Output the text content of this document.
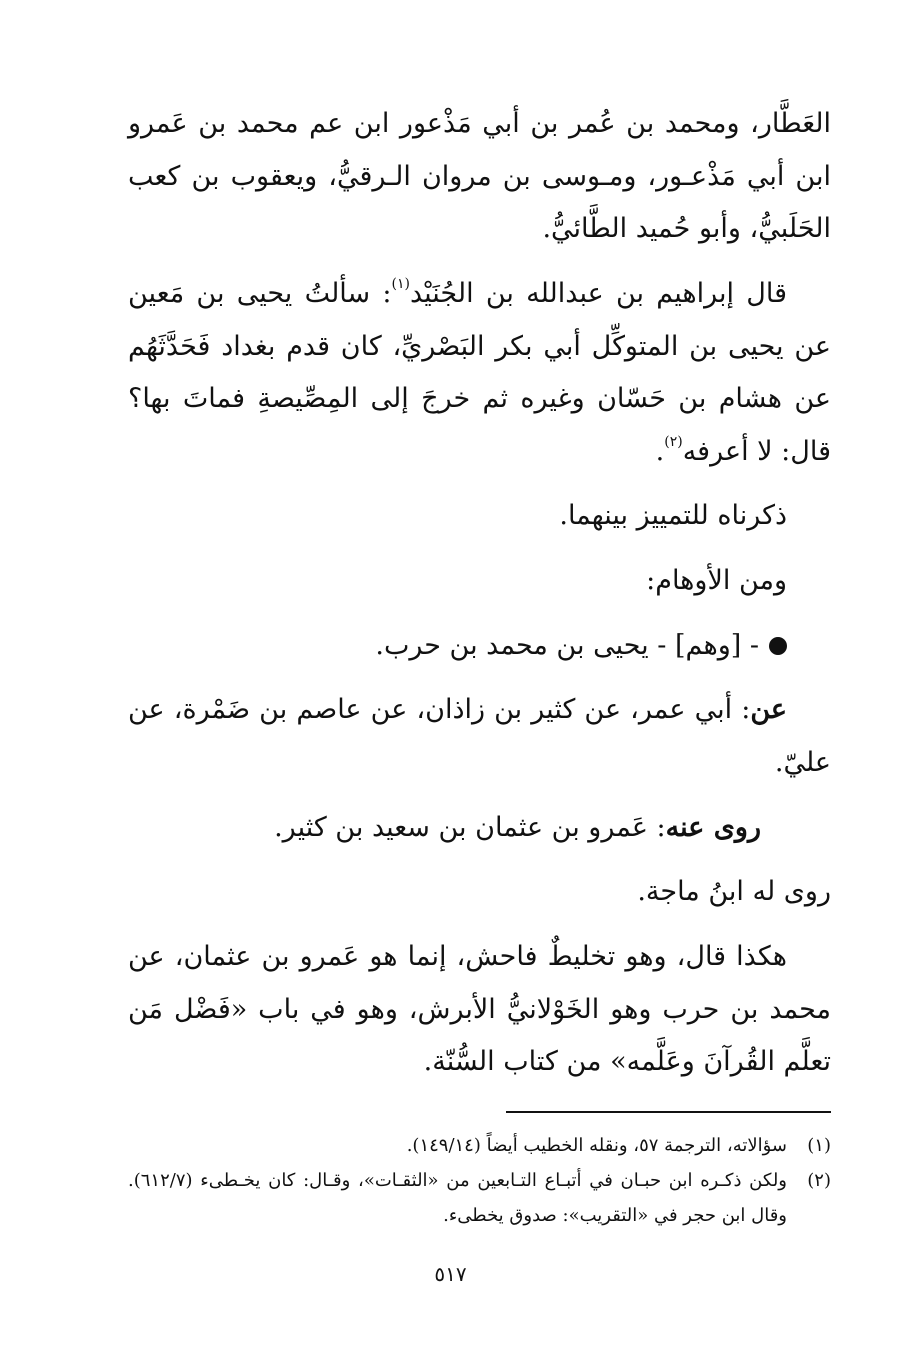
العَطَّار، ومحمد بن عُمر بن أبي مَذْعور ابن عم محمد بن عَمرو ابن أبي مَذْعـور، ومـوسى بن مروان الـرقيُّ، ويعقوب بن كعب الحَلَبيُّ، وأبو حُميد الطَّائيُّ.

قال إبراهيم بن عبدالله بن الجُنَيْد$^{(١)}$: سألتُ يحيى بن مَعين عن يحيى بن المتوكِّل أبي بكر البَصْريِّ، كان قدم بغداد فَحَدَّثَهُم عن هشام بن حَسّان وغيره ثم خرجَ إلى المِصِّيصةِ فماتَ بها؟ قال: لا أعرفه$^{(٢)}$.

ذكرناه للتمييز بينهما.

ومن الأوهام:

- [وهم] - يحيى بن محمد بن حرب.

عن: أبي عمر، عن كثير بن زاذان، عن عاصم بن ضَمْرة، عن عليّ.

روى عنه: عَمرو بن عثمان بن سعيد بن كثير.

روى له ابنُ ماجة.

هكذا قال، وهو تخليطٌ فاحش، إنما هو عَمرو بن عثمان، عن محمد بن حرب وهو الخَوْلانيُّ الأبرش، وهو في باب «فَضْل مَن تعلَّم القُرآنَ وعَلَّمه» من كتاب السُّنّة.

(١)
سؤالاته، الترجمة ٥٧، ونقله الخطيب أيضاً (١٤٩/١٤).
(٢)
ولكن ذكـره ابن حبـان في أتبـاع التـابعين من «الثقـات»، وقـال: كان يخـطىء (٦١٢/٧). وقال ابن حجر في «التقريب»: صدوق يخطىء.
٥١٧
